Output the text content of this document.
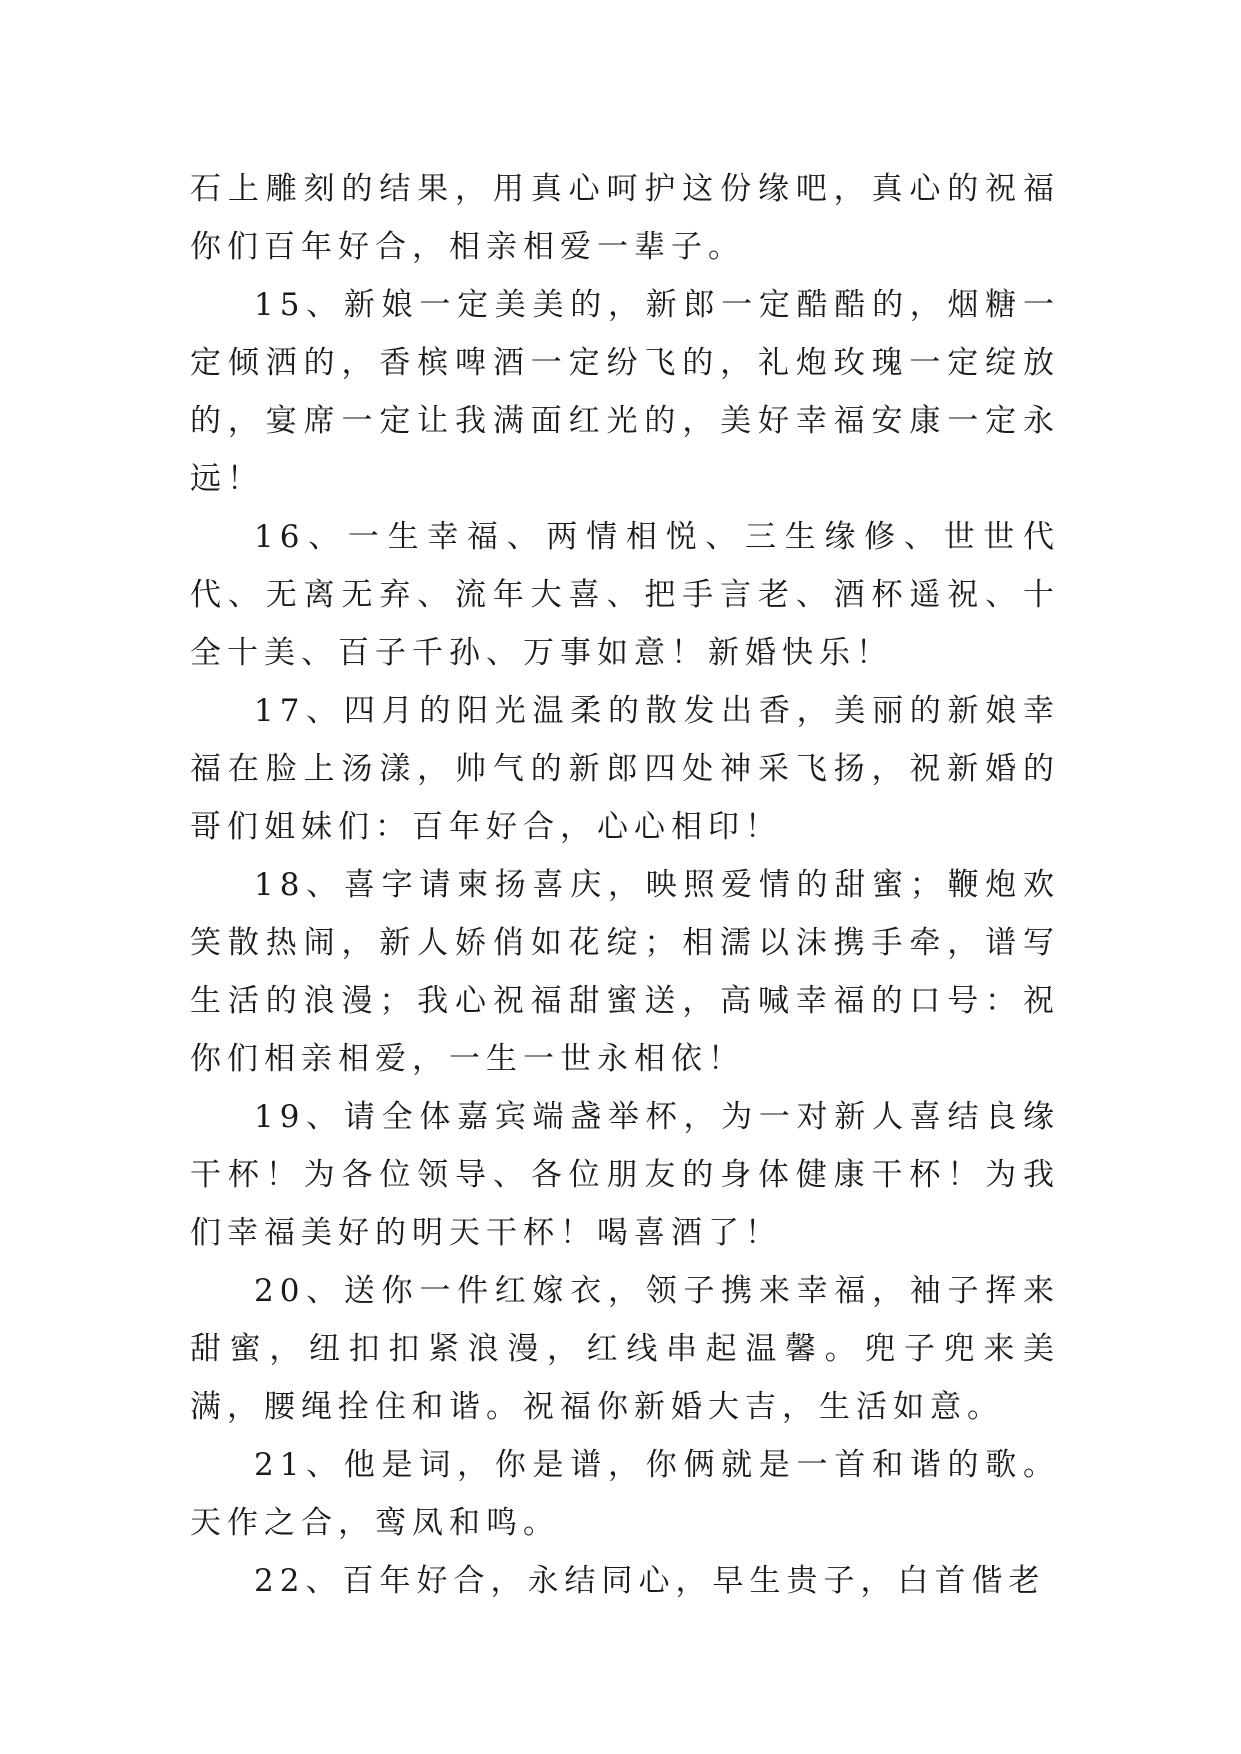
石上雕刻的结果，用真心呵护这份缘吧，真心的祝福你们百年好合，相亲相爱一辈子。

15、新娘一定美美的，新郎一定酷酷的，烟糖一定倾洒的，香槟啤酒一定纷飞的，礼炮玫瑰一定绽放的，宴席一定让我满面红光的，美好幸福安康一定永远！

16、一生幸福、两情相悦、三生缘修、世世代代、无离无弃、流年大喜、把手言老、酒杯遥祝、十全十美、百子千孙、万事如意！新婚快乐！

17、四月的阳光温柔的散发出香，美丽的新娘幸福在脸上汤漾，帅气的新郎四处神采飞扬，祝新婚的哥们姐妹们：百年好合，心心相印！

18、喜字请柬扬喜庆，映照爱情的甜蜜；鞭炮欢笑散热闹，新人娇俏如花绽；相濡以沫携手牵，谱写生活的浪漫；我心祝福甜蜜送，高喊幸福的口号：祝你们相亲相爱，一生一世永相依！

19、请全体嘉宾端盏举杯，为一对新人喜结良缘干杯！为各位领导、各位朋友的身体健康干杯！为我们幸福美好的明天干杯！喝喜酒了！

20、送你一件红嫁衣，领子携来幸福，袖子挥来甜蜜，纽扣扣紧浪漫，红线串起温馨。兜子兜来美满，腰绳拴住和谐。祝福你新婚大吉，生活如意。

21、他是词，你是谱，你俩就是一首和谐的歌。天作之合，鸾凤和鸣。

22、百年好合，永结同心，早生贵子，白首偕老
